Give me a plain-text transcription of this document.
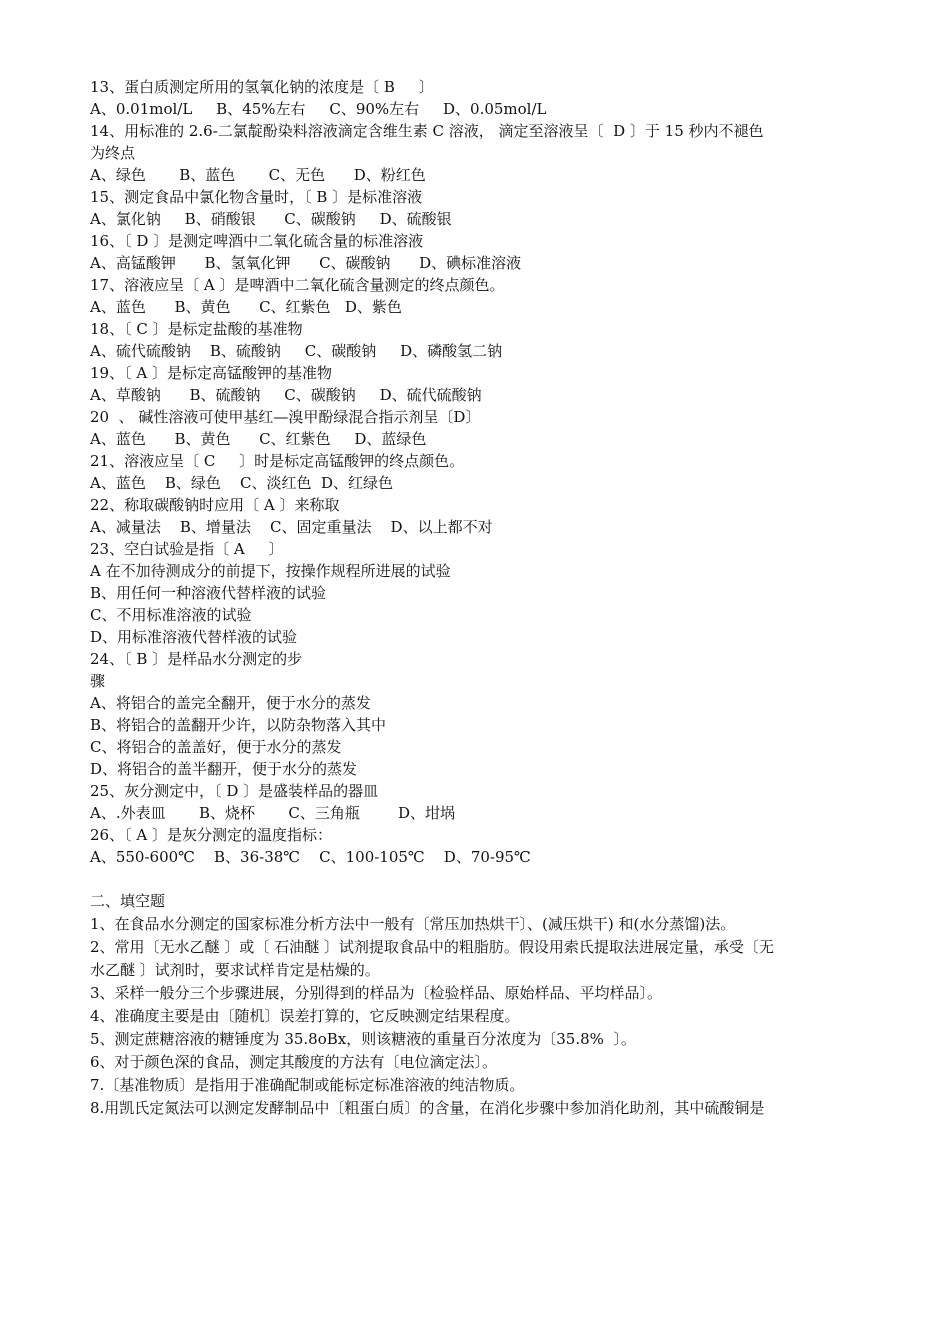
13、蛋白质测定所用的氢氧化钠的浓度是〔 B     〕
A、0.01mol/L     B、45%左右     C、90%左右     D、0.05mol/L
14、用标准的 2.6-二氯靛酚染料溶液滴定含维生素 C 溶液， 滴定至溶液呈〔  D 〕于 15 秒内不褪色
为终点
A、绿色       B、蓝色       C、无色      D、粉红色
15、测定食品中氯化物含量时，〔 B 〕是标准溶液
A、氯化钠     B、硝酸银      C、碳酸钠     D、硫酸银
16、〔 D 〕是测定啤酒中二氧化硫含量的标准溶液
A、高锰酸钾      B、氢氧化钾      C、碳酸钠      D、碘标准溶液
17、溶液应呈〔 A 〕是啤酒中二氧化硫含量测定的终点颜色。
A、蓝色      B、黄色      C、红紫色   D、紫色
18、〔 C 〕是标定盐酸的基准物
A、硫代硫酸钠    B、硫酸钠     C、碳酸钠     D、磷酸氢二钠
19、〔 A 〕是标定高锰酸钾的基准物
A、草酸钠      B、硫酸钠     C、碳酸钠     D、硫代硫酸钠
20  、 碱性溶液可使甲基红—溴甲酚绿混合指示剂呈〔D〕
A、蓝色      B、黄色      C、红紫色     D、蓝绿色
21、溶液应呈〔 C     〕时是标定高锰酸钾的终点颜色。
A、蓝色    B、绿色    C、淡红色  D、红绿色
22、称取碳酸钠时应用〔 A 〕来称取
A、减量法    B、增量法    C、固定重量法    D、以上都不对
23、空白试验是指〔 A     〕
A 在不加待测成分的前提下，按操作规程所进展的试验
B、用任何一种溶液代替样液的试验
C、不用标准溶液的试验
D、用标准溶液代替样液的试验
24、〔 B 〕是样品水分测定的步
骤
A、将铝合的盖完全翻开，便于水分的蒸发
B、将铝合的盖翻开少许，以防杂物落入其中
C、将铝合的盖盖好，便于水分的蒸发
D、将铝合的盖半翻开，便于水分的蒸发
25、灰分测定中，〔 D 〕是盛装样品的器皿
A、.外表皿       B、烧杯       C、三角瓶        D、坩埚
26、〔 A 〕是灰分测定的温度指标：
A、550-600℃    B、36-38℃    C、100-105℃    D、70-95℃
二、填空题
1、在食品水分测定的国家标准分析方法中一般有〔常压加热烘干〕、(减压烘干) 和(水分蒸馏)法。
2、常用〔无水乙醚 〕或〔 石油醚 〕试剂提取食品中的粗脂肪。假设用索氏提取法进展定量，承受〔无
水乙醚 〕试剂时，要求试样肯定是枯燥的。
3、采样一般分三个步骤进展，分别得到的样品为〔检验样品、原始样品、平均样品〕。
4、准确度主要是由〔随机〕误差打算的，它反映测定结果程度。
5、测定蔗糖溶液的糖锤度为 35.8oBx，则该糖液的重量百分浓度为〔35.8%  〕。
6、对于颜色深的食品，测定其酸度的方法有〔电位滴定法〕。
7.〔基准物质〕是指用于准确配制或能标定标准溶液的纯洁物质。
8.用凯氏定氮法可以测定发酵制品中〔粗蛋白质〕的含量，在消化步骤中参加消化助剂，其中硫酸铜是
